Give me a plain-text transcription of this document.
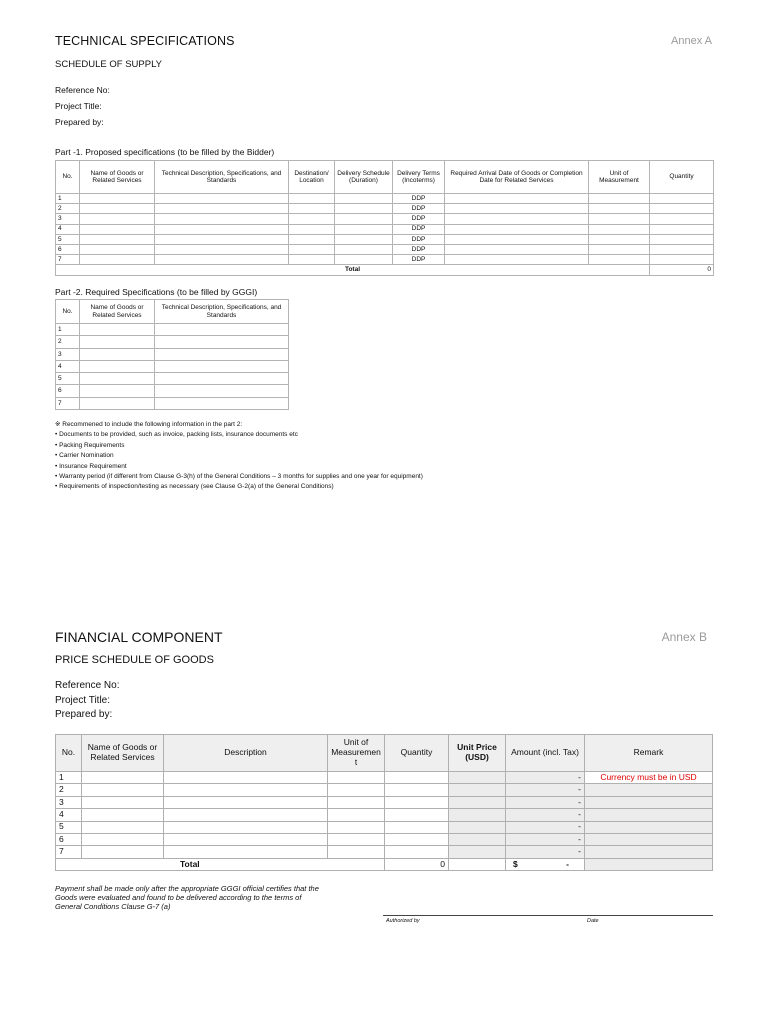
TECHNICAL SPECIFICATIONS	Annex A
SCHEDULE OF SUPPLY
Reference No:
Project Title:
Prepared by:
Part -1. Proposed specifications (to be filled by the Bidder)
No.	Name of Goods or Related Services	Technical Description, Specifications, and Standards	Destination/ Location	Delivery Schedule (Duration)	Delivery Terms (Incoterms)	Required Arrival Date of Goods or Completion Date for Related Services	Unit of Measurement	Quantity
1					DDP			
2					DDP			
3					DDP			
4					DDP			
5					DDP			
6					DDP			
7					DDP			
Total								0
Part -2. Required Specifications (to be filled by GGGI)
No.	Name of Goods or Related Services	Technical Description, Specifications, and Standards
1		
2		
3		
4		
5		
6		
7		
※ Recommened to include the following information in the part 2:
• Documents to be provided, such as invoice, packing lists, insurance documents etc
• Packing Requirements
• Carrier Nomination
• Insurance Requirement
• Warranty period (if different from Clause G-3(h) of the General Conditions – 3 months for supplies and one year for equipment)
• Requirements of inspection/testing as necessary (see Clause G-2(a) of the General Conditions)
FINANCIAL COMPONENT	Annex B
PRICE SCHEDULE OF GOODS
Reference No:
Project Title:
Prepared by:
No.	Name of Goods or Related Services	Description	Unit of Measuremen t	Quantity	Unit Price (USD)	Amount (incl. Tax)	Remark
1						-	Currency must be in USD
2						-	
3						-	
4						-	
5						-	
6						-	
7						-	
Total				0		$ -	

Payment shall be made only after the appropriate GGGI official certifies that the Goods were evaluated and found to be delivered according to the terms of General Conditions Clause G-7 (a)
Authorized by	Date
